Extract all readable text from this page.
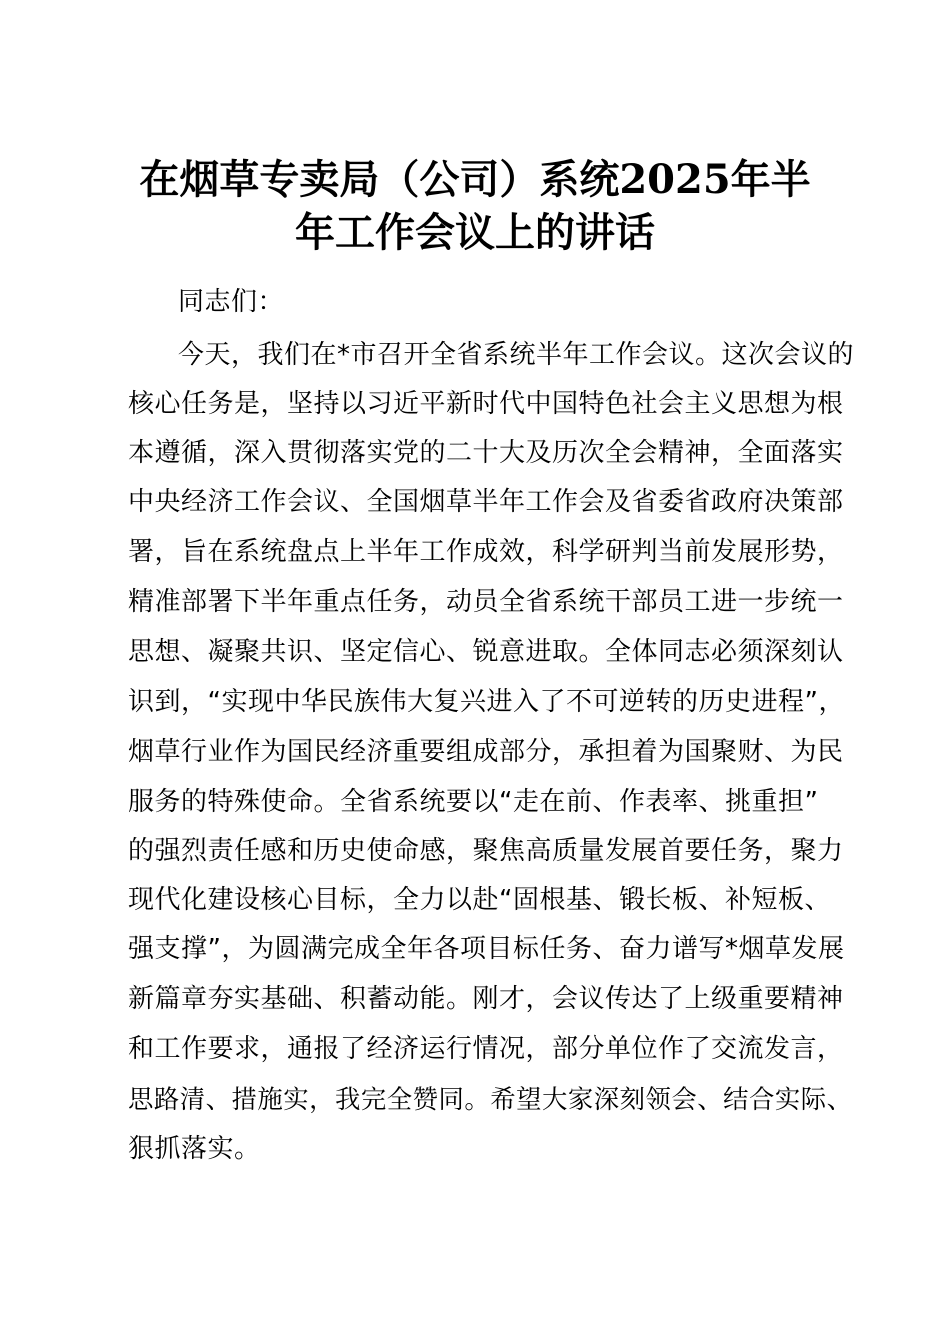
在烟草专卖局（公司）系统2025年半
年工作会议上的讲话
同志们：
今天，我们在*市召开全省系统半年工作会议。这次会议的
核心任务是，坚持以习近平新时代中国特色社会主义思想为根
本遵循，深入贯彻落实党的二十大及历次全会精神，全面落实
中央经济工作会议、全国烟草半年工作会及省委省政府决策部
署，旨在系统盘点上半年工作成效，科学研判当前发展形势，
精准部署下半年重点任务，动员全省系统干部员工进一步统一
思想、凝聚共识、坚定信心、锐意进取。全体同志必须深刻认
识到，“实现中华民族伟大复兴进入了不可逆转的历史进程”，
烟草行业作为国民经济重要组成部分，承担着为国聚财、为民
服务的特殊使命。全省系统要以“走在前、作表率、挑重担”
的强烈责任感和历史使命感，聚焦高质量发展首要任务，聚力
现代化建设核心目标，全力以赴“固根基、锻长板、补短板、
强支撑”，为圆满完成全年各项目标任务、奋力谱写*烟草发展
新篇章夯实基础、积蓄动能。刚才，会议传达了上级重要精神
和工作要求，通报了经济运行情况，部分单位作了交流发言，
思路清、措施实，我完全赞同。希望大家深刻领会、结合实际、
狠抓落实。
